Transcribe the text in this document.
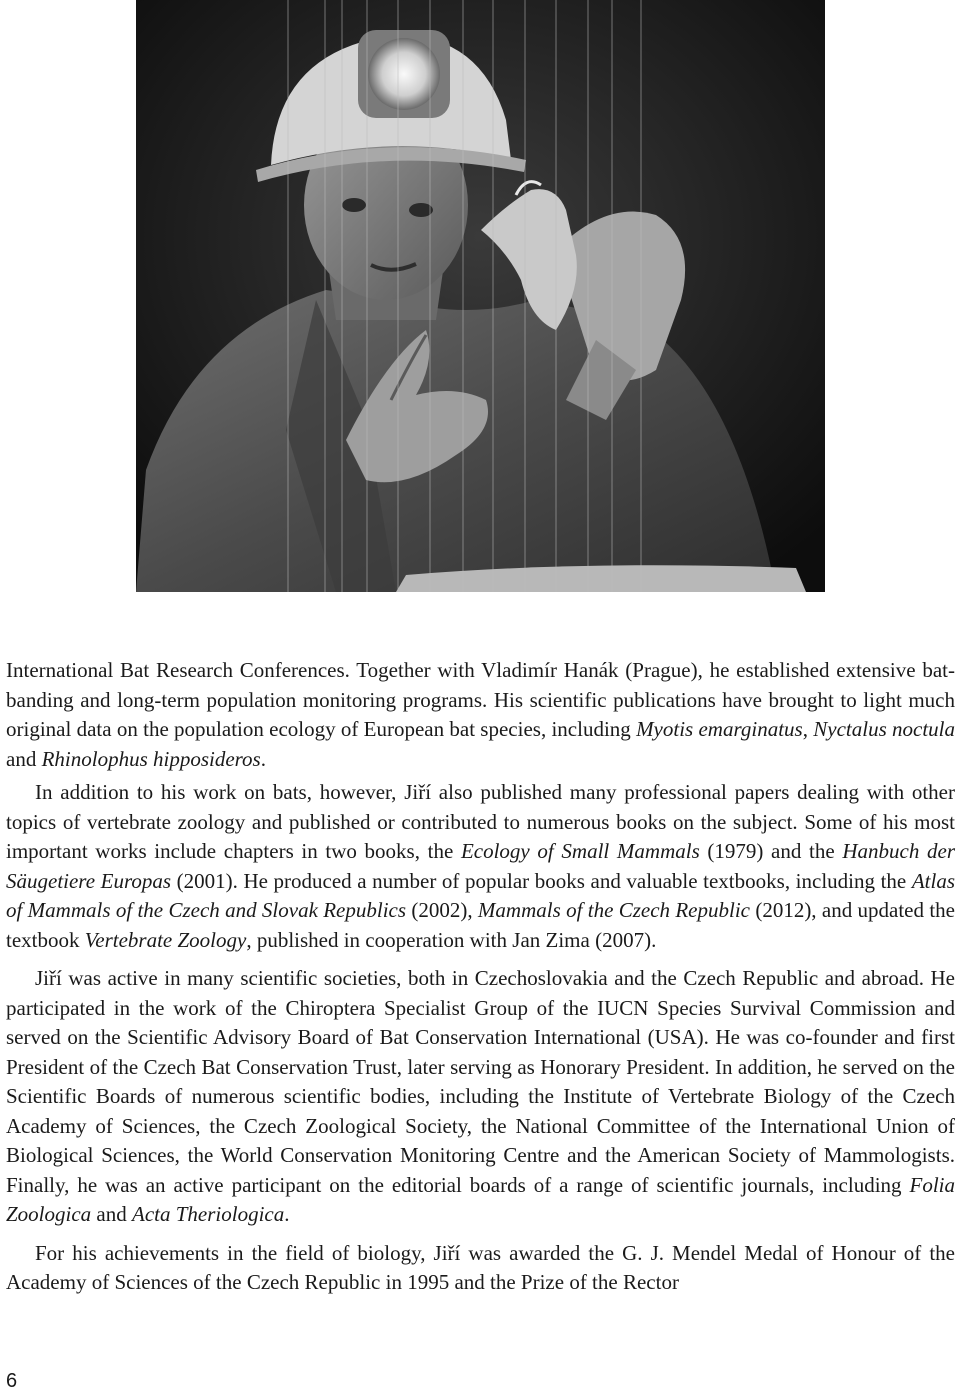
International Bat Research Conferences. Together with Vladimír Hanák (Prague), he established extensive bat-banding and long-term population monitoring programs. His scientific publications have brought to light much original data on the population ecology of European bat species, including Myotis emarginatus, Nyctalus noctula and Rhinolophus hipposideros.

In addition to his work on bats, however, Jiří also published many professional papers dealing with other topics of vertebrate zoology and published or contributed to numerous books on the subject. Some of his most important works include chapters in two books, the Ecology of Small Mammals (1979) and the Hanbuch der Säugetiere Europas (2001). He produced a number of popular books and valuable textbooks, including the Atlas of Mammals of the Czech and Slovak Republics (2002), Mammals of the Czech Republic (2012), and updated the textbook Vertebrate Zoology, published in cooperation with Jan Zima (2007).

Jiří was active in many scientific societies, both in Czechoslovakia and the Czech Republic and abroad. He participated in the work of the Chiroptera Specialist Group of the IUCN Species Survival Commission and served on the Scientific Advisory Board of Bat Conservation International (USA). He was co-founder and first President of the Czech Bat Conservation Trust, later serving as Honorary President. In addition, he served on the Scientific Boards of numerous scientific bodies, including the Institute of Vertebrate Biology of the Czech Academy of Sciences, the Czech Zoological Society, the National Committee of the International Union of Biological Sciences, the World Conservation Monitoring Centre and the American Society of Mammologists. Finally, he was an active participant on the editorial boards of a range of scientific journals, including Folia Zoologica and Acta Theriologica.

For his achievements in the field of biology, Jiří was awarded the G. J. Mendel Medal of Honour of the Academy of Sciences of the Czech Republic in 1995 and the Prize of the Rector

6
